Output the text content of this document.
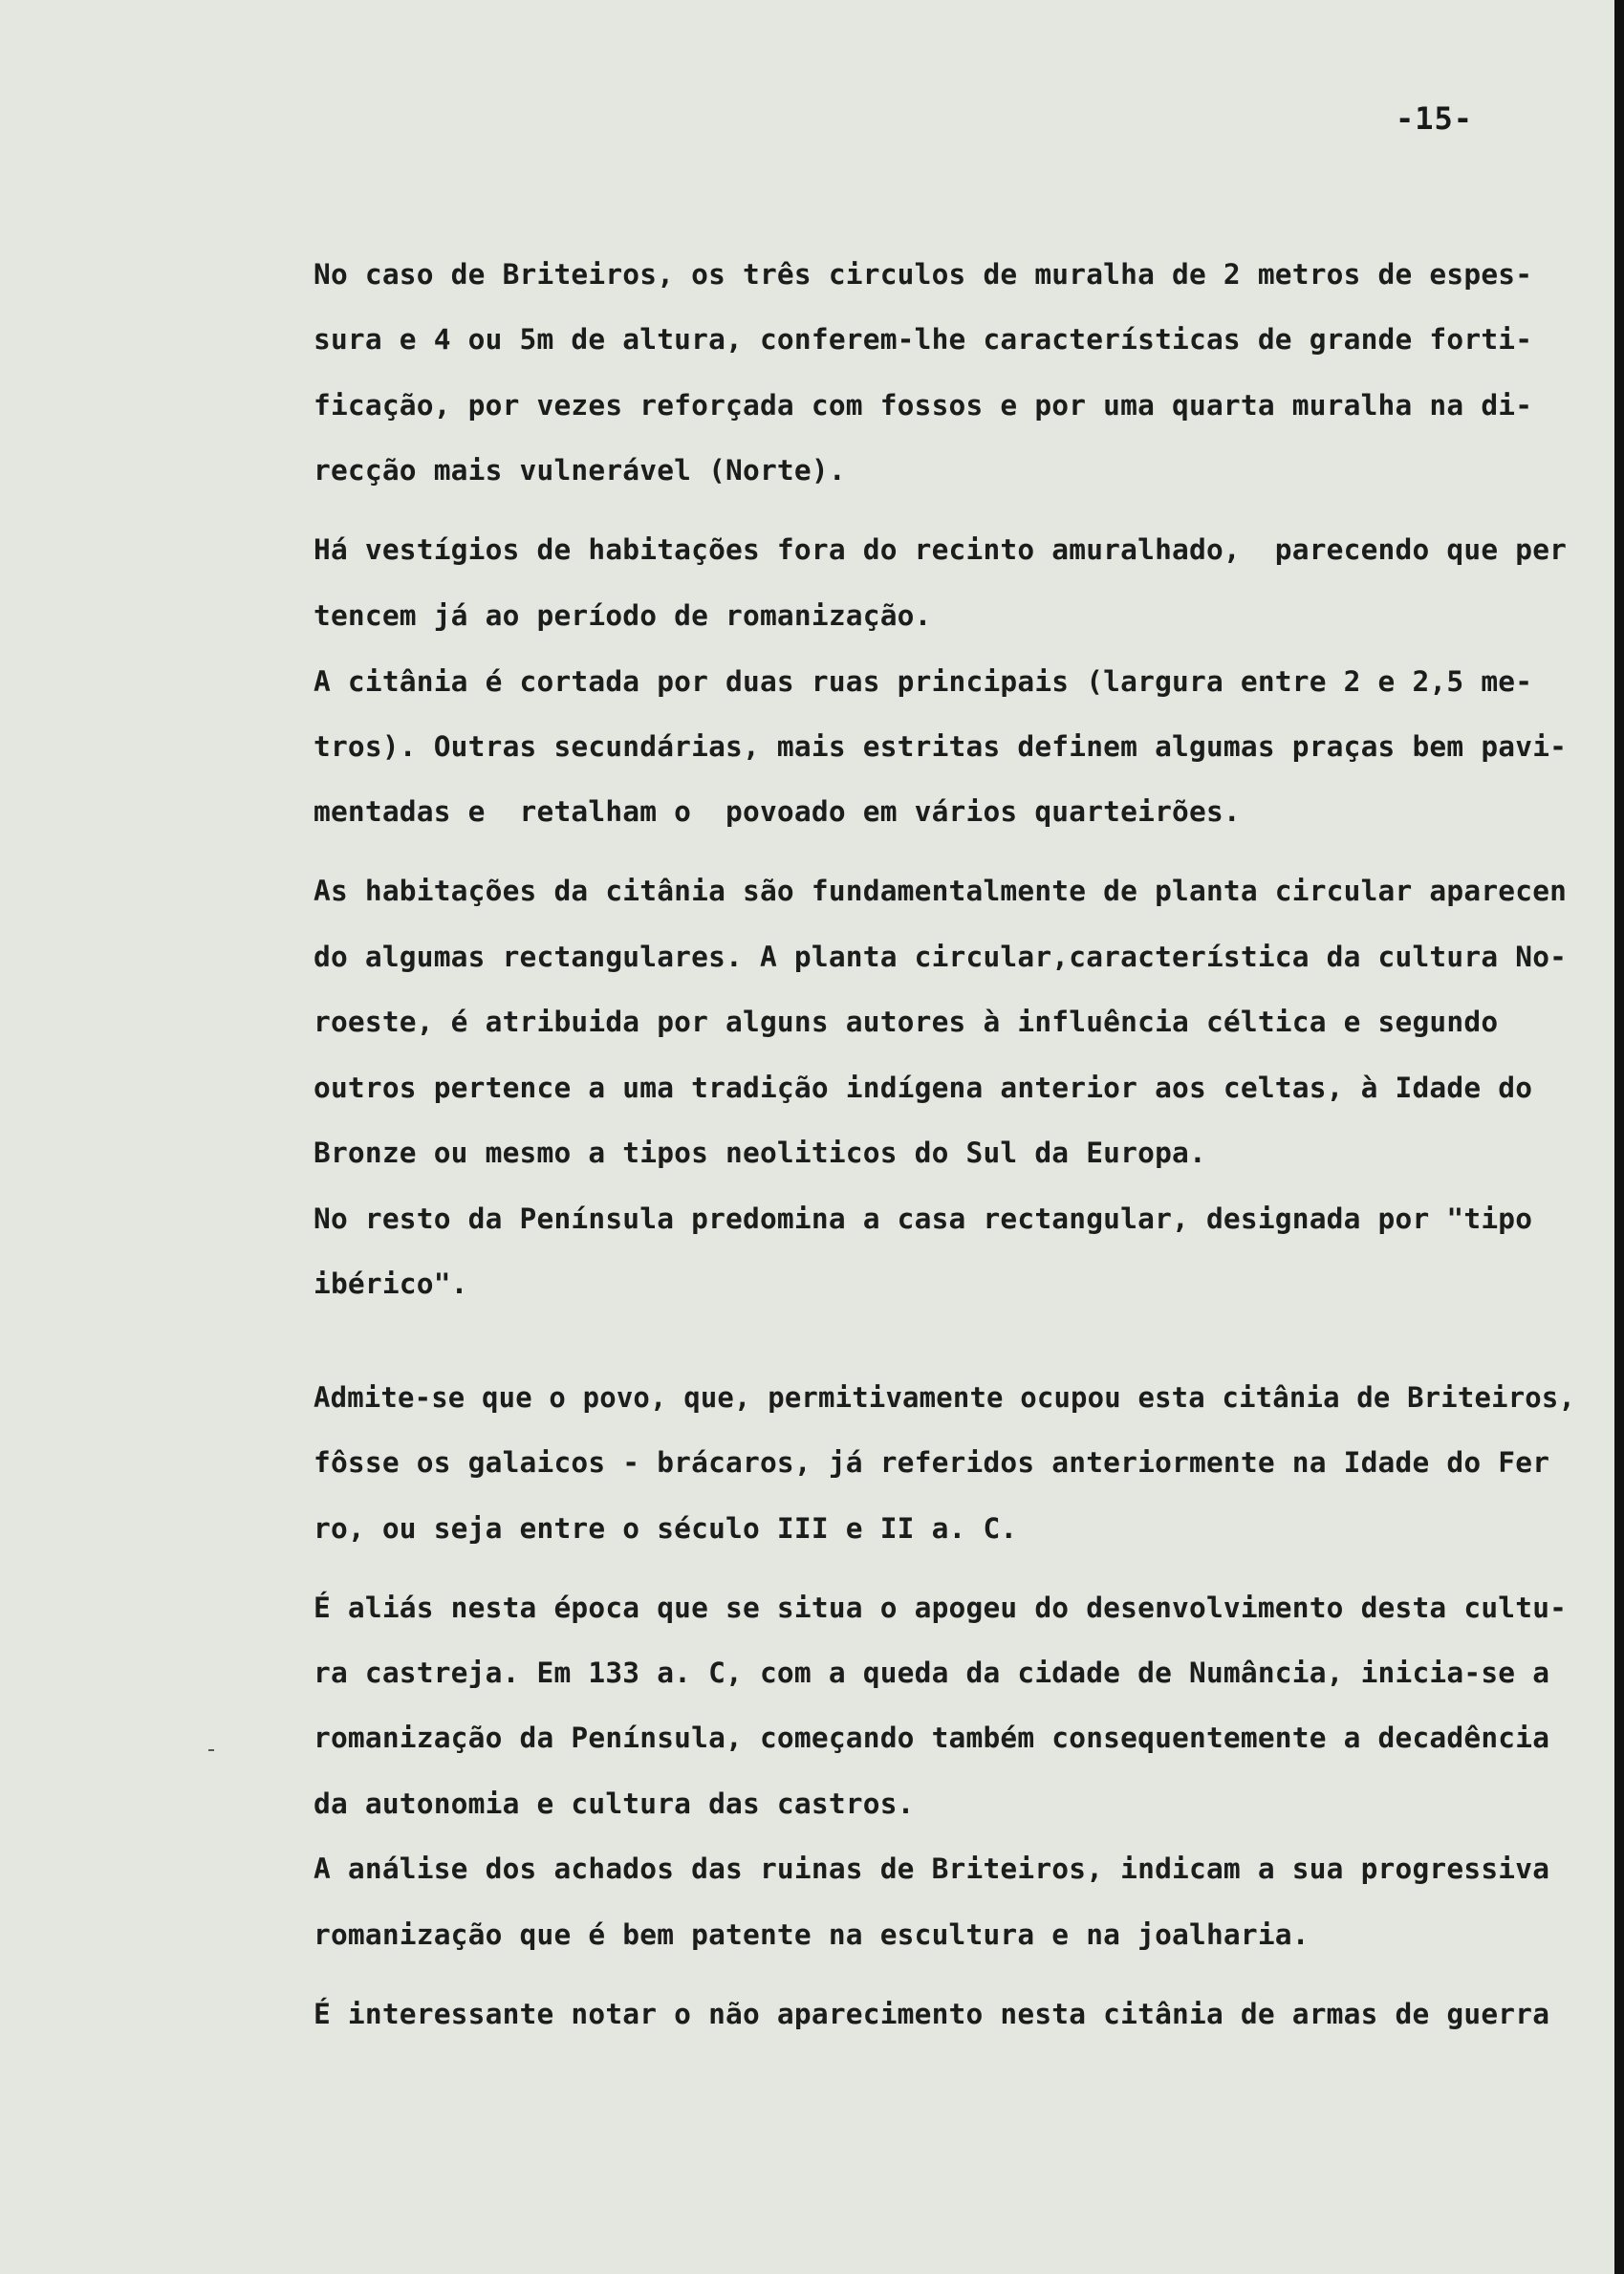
-15-
No caso de Briteiros, os três circulos de muralha de 2 metros de espes-
sura e 4 ou 5m de altura, conferem-lhe características de grande forti-
ficação, por vezes reforçada com fossos e por uma quarta muralha na di-
recção mais vulnerável (Norte).
Há vestígios de habitações fora do recinto amuralhado,  parecendo que per
tencem já ao período de romanização.
A citânia é cortada por duas ruas principais (largura entre 2 e 2,5 me-
tros). Outras secundárias, mais estritas definem algumas praças bem pavi-
mentadas e  retalham o  povoado em vários quarteirões.
As habitações da citânia são fundamentalmente de planta circular aparecen
do algumas rectangulares. A planta circular,característica da cultura No-
roeste, é atribuida por alguns autores à influência céltica e segundo
outros pertence a uma tradição indígena anterior aos celtas, à Idade do
Bronze ou mesmo a tipos neoliticos do Sul da Europa.
No resto da Península predomina a casa rectangular, designada por "tipo
ibérico".
Admite-se que o povo, que, permitivamente ocupou esta citânia de Briteiros,
fôsse os galaicos - brácaros, já referidos anteriormente na Idade do Fer
ro, ou seja entre o século III e II a. C.
É aliás nesta época que se situa o apogeu do desenvolvimento desta cultu-
ra castreja. Em 133 a. C, com a queda da cidade de Numância, inicia-se a
romanização da Península, começando também consequentemente a decadência
da autonomia e cultura das castros.
A análise dos achados das ruinas de Briteiros, indicam a sua progressiva
romanização que é bem patente na escultura e na joalharia.
É interessante notar o não aparecimento nesta citânia de armas de guerra
